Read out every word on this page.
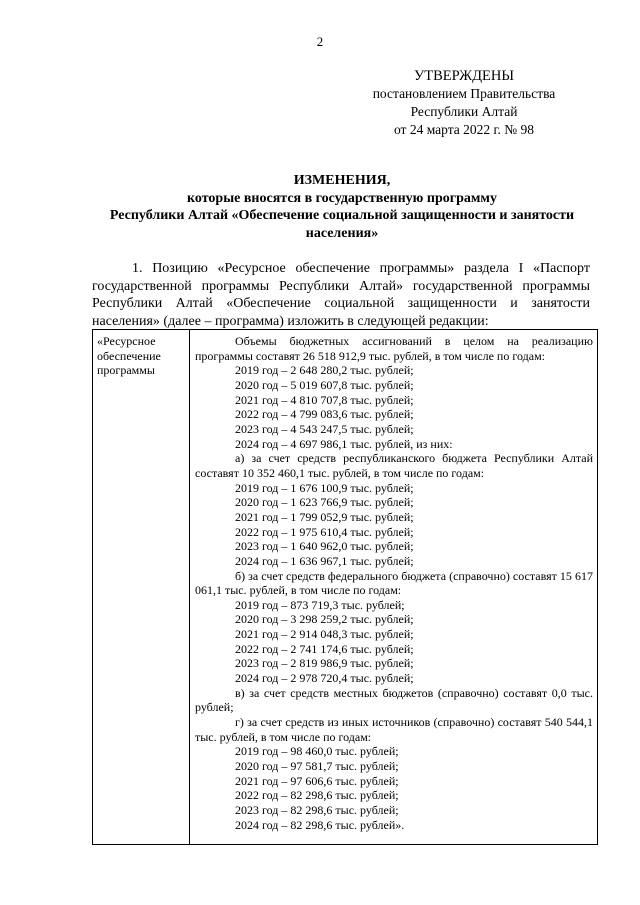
2
УТВЕРЖДЕНЫ
постановлением Правительства
Республики Алтай
от 24 марта 2022 г. № 98
ИЗМЕНЕНИЯ,
которые вносятся в государственную программу
Республики Алтай «Обеспечение социальной защищенности и занятости населения»

1. Позицию «Ресурсное обеспечение программы» раздела I «Паспорт государственной программы Республики Алтай» государственной программы Республики Алтай «Обеспечение социальной защищенности и занятости населения» (далее – программа) изложить в следующей редакции:

«Ресурсное обеспечение программы
Объемы бюджетных ассигнований в целом на реализацию программы составят 26 518 912,9 тыс. рублей, в том числе по годам:
2019 год – 2 648 280,2 тыс. рублей;
2020 год – 5 019 607,8 тыс. рублей;
2021 год – 4 810 707,8 тыс. рублей;
2022 год – 4 799 083,6 тыс. рублей;
2023 год – 4 543 247,5 тыс. рублей;
2024 год – 4 697 986,1 тыс. рублей, из них:
а) за счет средств республиканского бюджета Республики Алтай составят 10 352 460,1 тыс. рублей, в том числе по годам:
2019 год – 1 676 100,9 тыс. рублей;
2020 год – 1 623 766,9 тыс. рублей;
2021 год – 1 799 052,9 тыс. рублей;
2022 год – 1 975 610,4 тыс. рублей;
2023 год – 1 640 962,0 тыс. рублей;
2024 год – 1 636 967,1 тыс. рублей;
б) за счет средств федерального бюджета (справочно) составят 15 617 061,1 тыс. рублей, в том числе по годам:
2019 год – 873 719,3 тыс. рублей;
2020 год – 3 298 259,2 тыс. рублей;
2021 год – 2 914 048,3 тыс. рублей;
2022 год – 2 741 174,6 тыс. рублей;
2023 год – 2 819 986,9 тыс. рублей;
2024 год – 2 978 720,4 тыс. рублей;
в) за счет средств местных бюджетов (справочно) составят 0,0 тыс. рублей;
г) за счет средств из иных источников (справочно) составят 540 544,1 тыс. рублей, в том числе по годам:
2019 год – 98 460,0 тыс. рублей;
2020 год – 97 581,7 тыс. рублей;
2021 год – 97 606,6 тыс. рублей;
2022 год – 82 298,6 тыс. рублей;
2023 год – 82 298,6 тыс. рублей;
2024 год – 82 298,6 тыс. рублей».
